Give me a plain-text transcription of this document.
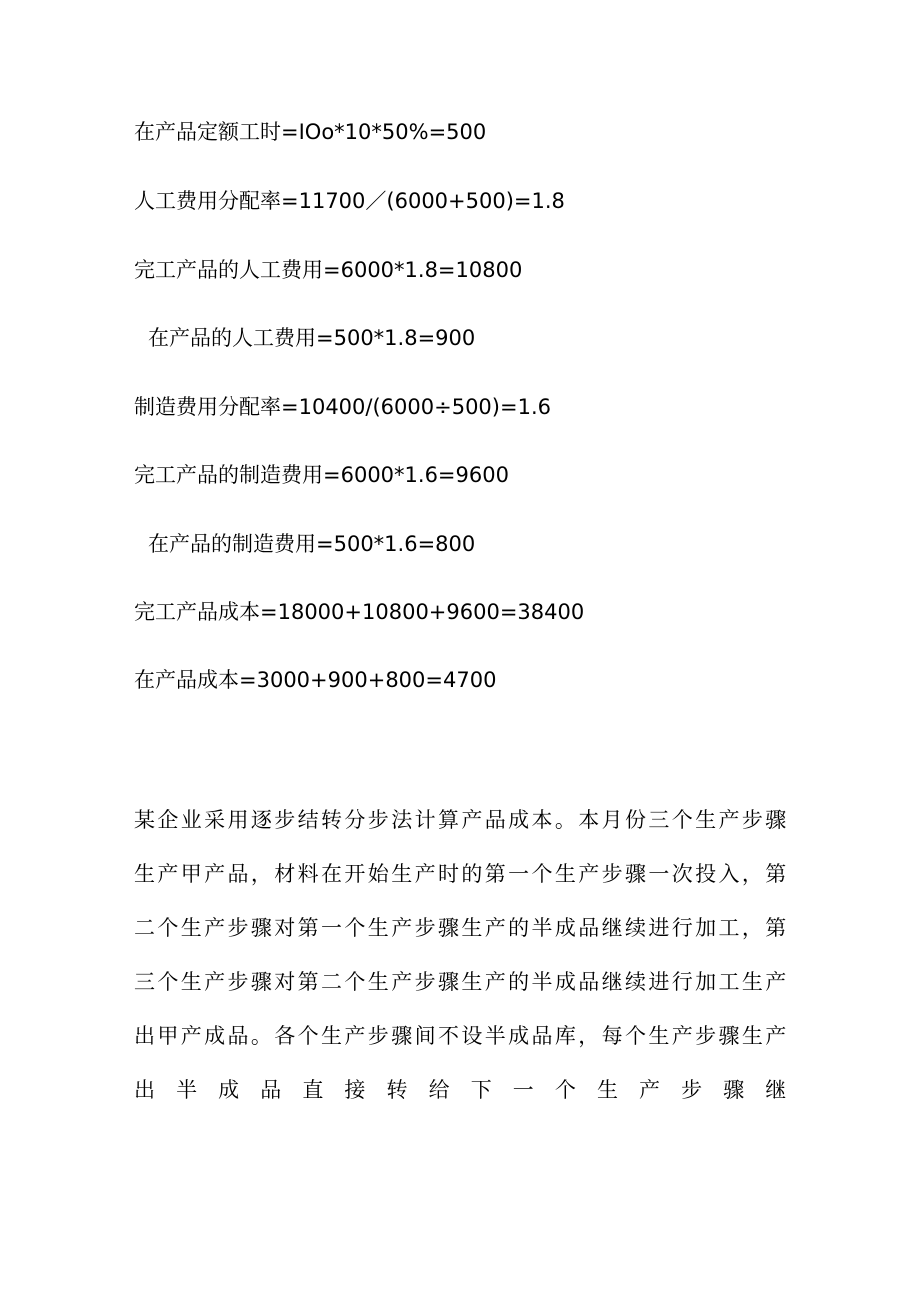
在产品定额工时=IOo*10*50%=500

人工费用分配率=11700／(6000+500)=1.8

完工产品的人工费用=6000*1.8=10800

在产品的人工费用=500*1.8=900

制造费用分配率=10400/(6000÷500)=1.6

完工产品的制造费用=6000*1.6=9600

在产品的制造费用=500*1.6=800

完工产品成本=18000+10800+9600=38400

在产品成本=3000+900+800=4700

某企业采用逐步结转分步法计算产品成本。本月份三个生产步骤
生产甲产品，材料在开始生产时的第一个生产步骤一次投入，第
二个生产步骤对第一个生产步骤生产的半成品继续进行加工，第
三个生产步骤对第二个生产步骤生产的半成品继续进行加工生产
出甲产成品。各个生产步骤间不设半成品库，每个生产步骤生产
出半成品直接转给下一个生产步骤继
